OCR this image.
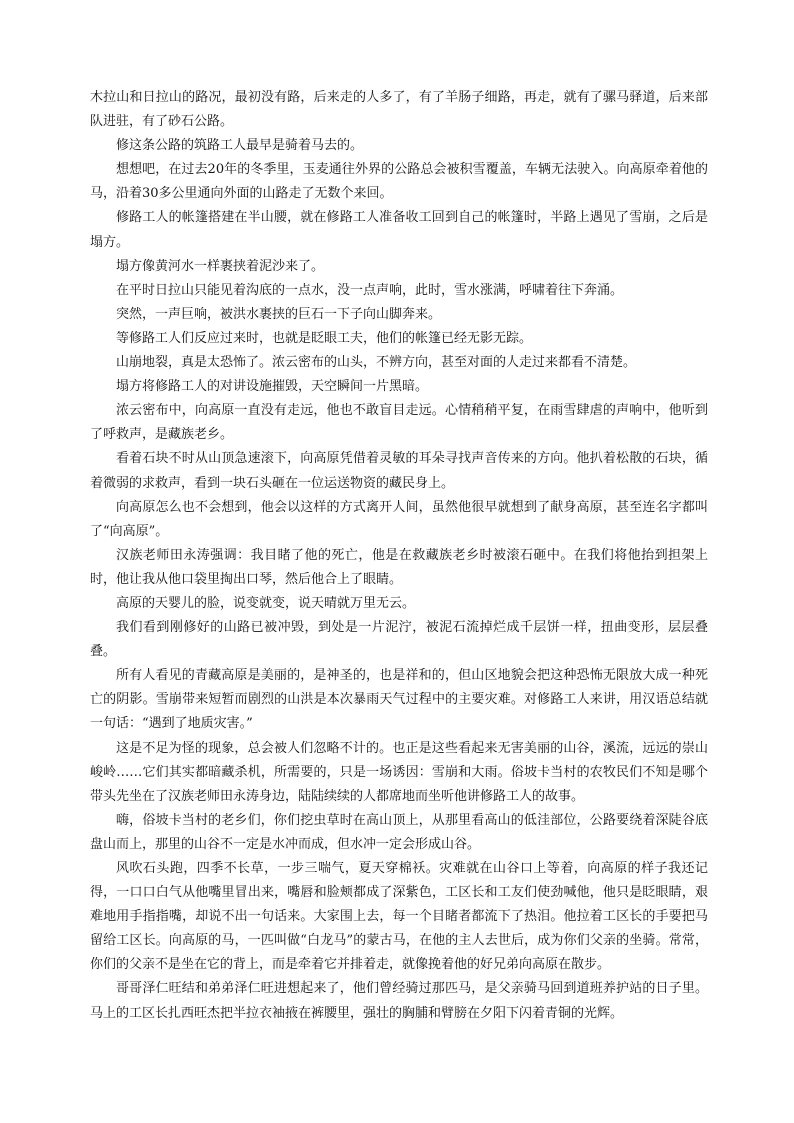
木拉山和日拉山的路况，最初没有路，后来走的人多了，有了羊肠子细路，再走，就有了骡马驿道，后来部队进驻，有了砂石公路。

修这条公路的筑路工人最早是骑着马去的。

想想吧，在过去20年的冬季里，玉麦通往外界的公路总会被积雪覆盖，车辆无法驶入。向高原牵着他的马，沿着30多公里通向外面的山路走了无数个来回。

修路工人的帐篷搭建在半山腰，就在修路工人准备收工回到自己的帐篷时，半路上遇见了雪崩，之后是塌方。

塌方像黄河水一样裹挟着泥沙来了。

在平时日拉山只能见着沟底的一点水，没一点声响，此时，雪水涨满，呼啸着往下奔涌。

突然，一声巨响，被洪水裹挟的巨石一下子向山脚奔来。

等修路工人们反应过来时，也就是眨眼工夫，他们的帐篷已经无影无踪。

山崩地裂，真是太恐怖了。浓云密布的山头，不辨方向，甚至对面的人走过来都看不清楚。

塌方将修路工人的对讲设施摧毁，天空瞬间一片黑暗。

浓云密布中，向高原一直没有走远，他也不敢盲目走远。心情稍稍平复，在雨雪肆虐的声响中，他听到了呼救声，是藏族老乡。

看着石块不时从山顶急速滚下，向高原凭借着灵敏的耳朵寻找声音传来的方向。他扒着松散的石块，循着微弱的求救声，看到一块石头砸在一位运送物资的藏民身上。

向高原怎么也不会想到，他会以这样的方式离开人间，虽然他很早就想到了献身高原，甚至连名字都叫了“向高原”。

汉族老师田永涛强调：我目睹了他的死亡，他是在救藏族老乡时被滚石砸中。在我们将他抬到担架上时，他让我从他口袋里掏出口琴，然后他合上了眼睛。

高原的天婴儿的脸，说变就变，说天晴就万里无云。

我们看到刚修好的山路已被冲毁，到处是一片泥泞，被泥石流掉烂成千层饼一样，扭曲变形，层层叠叠。

所有人看见的青藏高原是美丽的，是神圣的，也是祥和的，但山区地貌会把这种恐怖无限放大成一种死亡的阴影。雪崩带来短暂而剧烈的山洪是本次暴雨天气过程中的主要灾难。对修路工人来讲，用汉语总结就一句话：“遇到了地质灾害。”

这是不足为怪的现象，总会被人们忽略不计的。也正是这些看起来无害美丽的山谷，溪流，远远的崇山峻岭……它们其实都暗藏杀机，所需要的，只是一场诱因：雪崩和大雨。俗坡卡当村的农牧民们不知是哪个带头先坐在了汉族老师田永涛身边，陆陆续续的人都席地而坐听他讲修路工人的故事。

嗨，俗坡卡当村的老乡们，你们挖虫草时在高山顶上，从那里看高山的低洼部位，公路要绕着深陡谷底盘山而上，那里的山谷不一定是水冲而成，但水冲一定会形成山谷。

风吹石头跑，四季不长草，一步三喘气，夏天穿棉袄。灾难就在山谷口上等着，向高原的样子我还记得，一口口白气从他嘴里冒出来，嘴唇和脸颊都成了深紫色，工区长和工友们使劲喊他，他只是眨眼睛，艰难地用手指指嘴，却说不出一句话来。大家围上去，每一个目睹者都流下了热泪。他拉着工区长的手要把马留给工区长。向高原的马，一匹叫做“白龙马”的蒙古马，在他的主人去世后，成为你们父亲的坐骑。常常，你们的父亲不是坐在它的背上，而是牵着它并排着走，就像挽着他的好兄弟向高原在散步。

哥哥泽仁旺结和弟弟泽仁旺进想起来了，他们曾经骑过那匹马，是父亲骑马回到道班养护站的日子里。马上的工区长扎西旺杰把半拉衣袖掖在裤腰里，强壮的胸脯和臂膀在夕阳下闪着青铜的光辉。
